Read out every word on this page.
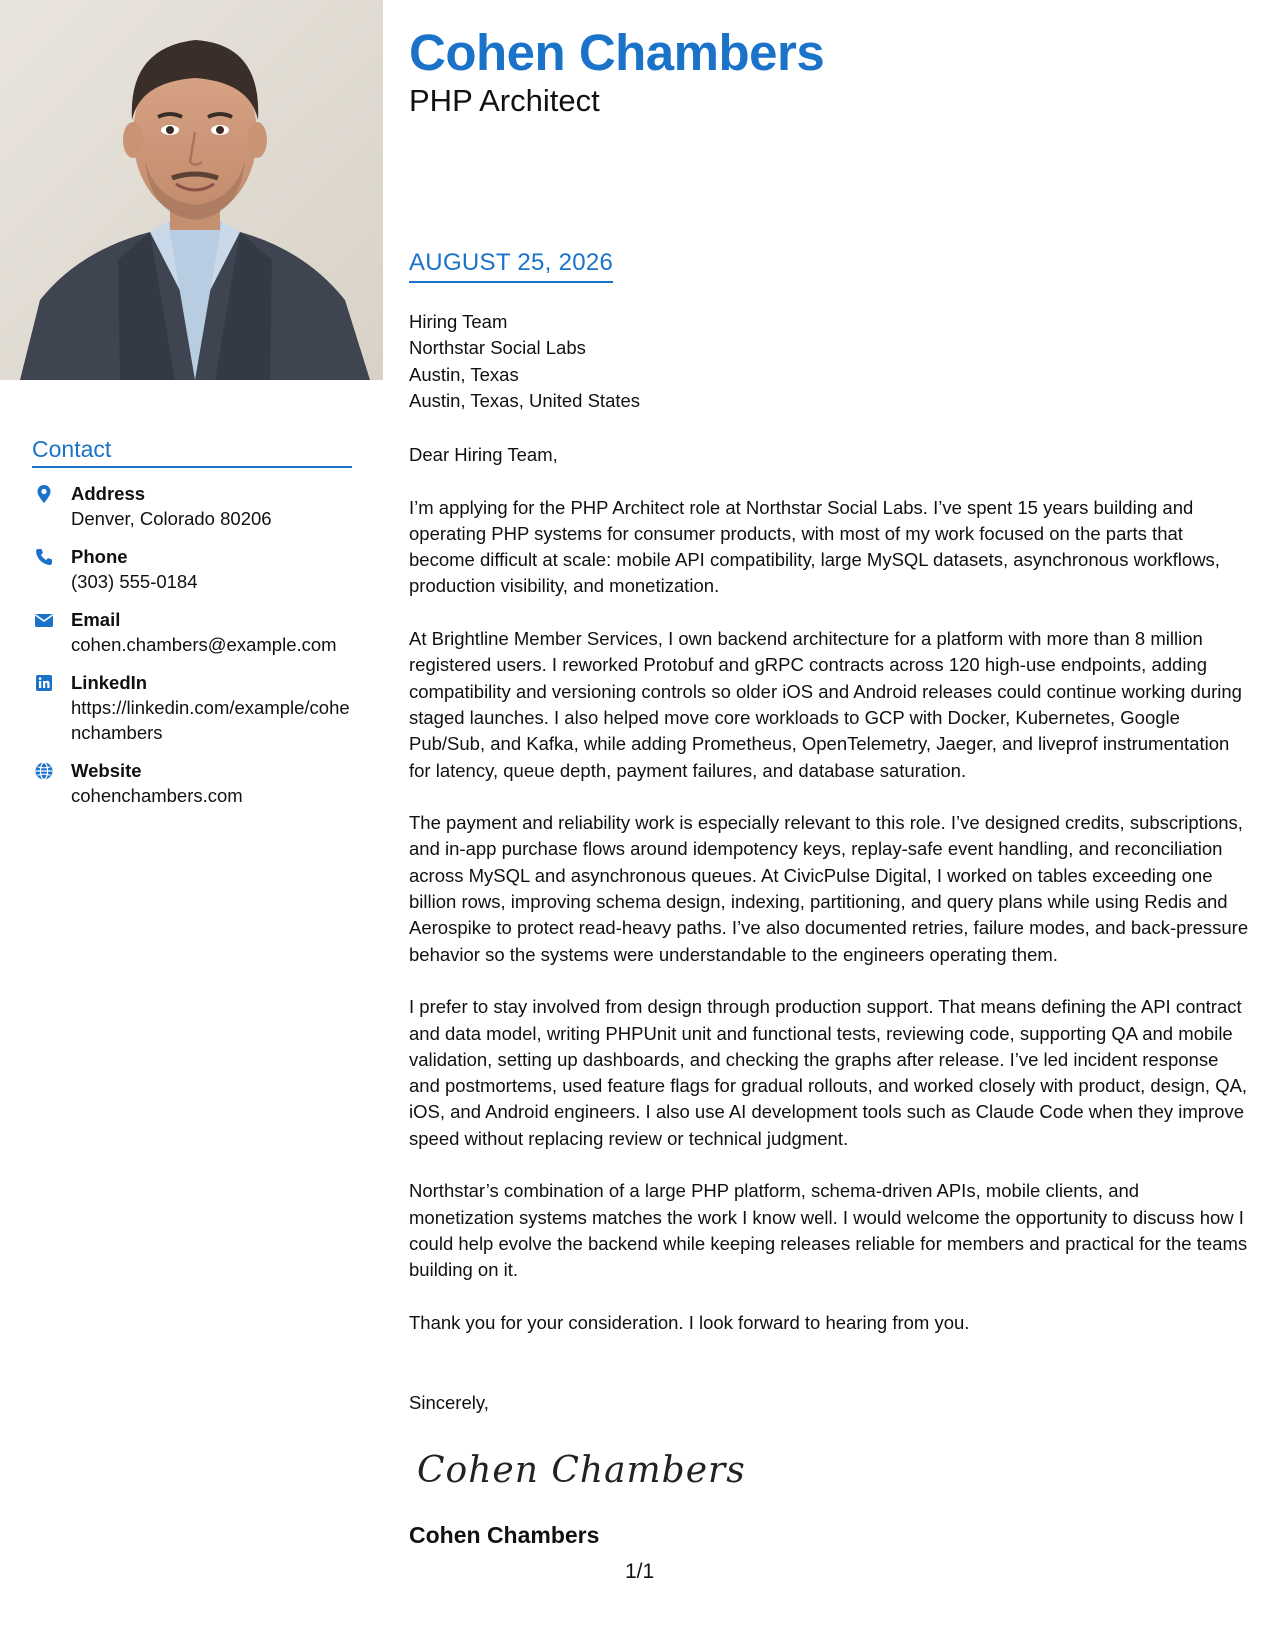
Contact
Address
Denver, Colorado 80206
Phone
(303) 555-0184
Email
cohen.chambers@example.com
LinkedIn
https://linkedin.com/example/cohenchambers
Website
cohenchambers.com
Cohen Chambers
PHP Architect
AUGUST 25, 2026
Hiring Team
Northstar Social Labs
Austin, Texas
Austin, Texas, United States

Dear Hiring Team,

I’m applying for the PHP Architect role at Northstar Social Labs. I’ve spent 15 years building and operating PHP systems for consumer products, with most of my work focused on the parts that become difficult at scale: mobile API compatibility, large MySQL datasets, asynchronous workflows, production visibility, and monetization.

At Brightline Member Services, I own backend architecture for a platform with more than 8 million registered users. I reworked Protobuf and gRPC contracts across 120 high-use endpoints, adding compatibility and versioning controls so older iOS and Android releases could continue working during staged launches. I also helped move core workloads to GCP with Docker, Kubernetes, Google Pub/Sub, and Kafka, while adding Prometheus, OpenTelemetry, Jaeger, and liveprof instrumentation for latency, queue depth, payment failures, and database saturation.

The payment and reliability work is especially relevant to this role. I’ve designed credits, subscriptions, and in-app purchase flows around idempotency keys, replay-safe event handling, and reconciliation across MySQL and asynchronous queues. At CivicPulse Digital, I worked on tables exceeding one billion rows, improving schema design, indexing, partitioning, and query plans while using Redis and Aerospike to protect read-heavy paths. I’ve also documented retries, failure modes, and back-pressure behavior so the systems were understandable to the engineers operating them.

I prefer to stay involved from design through production support. That means defining the API contract and data model, writing PHPUnit unit and functional tests, reviewing code, supporting QA and mobile validation, setting up dashboards, and checking the graphs after release. I’ve led incident response and postmortems, used feature flags for gradual rollouts, and worked closely with product, design, QA, iOS, and Android engineers. I also use AI development tools such as Claude Code when they improve speed without replacing review or technical judgment.

Northstar’s combination of a large PHP platform, schema-driven APIs, mobile clients, and monetization systems matches the work I know well. I would welcome the opportunity to discuss how I could help evolve the backend while keeping releases reliable for members and practical for the teams building on it.

Thank you for your consideration. I look forward to hearing from you.

Sincerely,
Cohen Chambers
Cohen Chambers
1/1
